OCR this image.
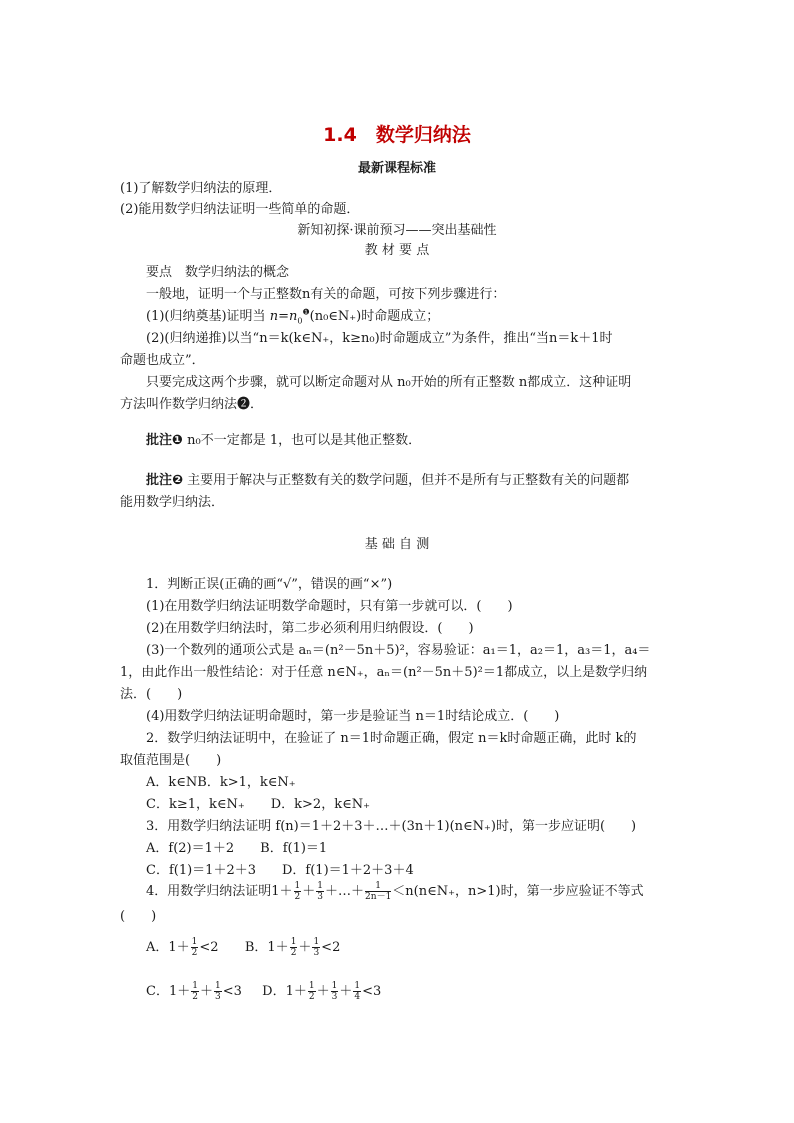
1.4　数学归纳法
最新课程标准
(1)了解数学归纳法的原理．
(2)能用数学归纳法证明一些简单的命题．
新知初探·课前预习——突出基础性
教 材 要 点
要点　数学归纳法的概念
一般地，证明一个与正整数n有关的命题，可按下列步骤进行：
(1)(归纳奠基)证明当 $n=n_0^❶(n_0\in N_+)$时命题成立；
(2)(归纳递推)以当“n＝k(k∈N₊，k≥n₀)时命题成立”为条件，推出“当n＝k＋1时
命题也成立”．
只要完成这两个步骤，就可以断定命题对从 n₀开始的所有正整数 n都成立．这种证明
方法叫作数学归纳法❷．
批注❶ n₀不一定都是 1，也可以是其他正整数．
批注❷ 主要用于解决与正整数有关的数学问题，但并不是所有与正整数有关的问题都
能用数学归纳法．
基 础 自 测
1．判断正误(正确的画“√”，错误的画“×”)
(1)在用数学归纳法证明数学命题时，只有第一步就可以．(　　)
(2)在用数学归纳法时，第二步必须利用归纳假设．(　　)
(3)一个数列的通项公式是 aₙ＝(n²－5n＋5)²，容易验证：a₁＝1，a₂＝1，a₃＝1，a₄＝
1，由此作出一般性结论：对于任意 n∈N₊，aₙ＝(n²－5n＋5)²＝1都成立，以上是数学归纳
法．(　　)
(4)用数学归纳法证明命题时，第一步是验证当 n＝1时结论成立．(　　)
2．数学归纳法证明中，在验证了 n＝1时命题正确，假定 n＝k时命题正确，此时 k的
取值范围是(　　)
A．k∈NB．k>1，k∈N₊
C．k≥1，k∈N₊　　D．k>2，k∈N₊
3．用数学归纳法证明 f(n)＝1＋2＋3＋…＋(3n＋1)(n∈N₊)时，第一步应证明(　　)
A．f(2)＝1＋2　　B．f(1)＝1
C．f(1)＝1＋2＋3　　D．f(1)＝1＋2＋3＋4
4．用数学归纳法证明$1+ \frac{1}{2} + \frac{1}{3}$ ＋…＋ $\frac{1}{2n-1}$ ＜n(n∈N₊，n>1)时，第一步应验证不等式
(　　)
A．$1+ \frac{1}{2} <2$ B．$1+ \frac{1}{2} + \frac{1}{3} <2$
C．$1+ \frac{1}{2} + \frac{1}{3} <3$ D．$1+ \frac{1}{2} + \frac{1}{3} + \frac{1}{4} <3$
